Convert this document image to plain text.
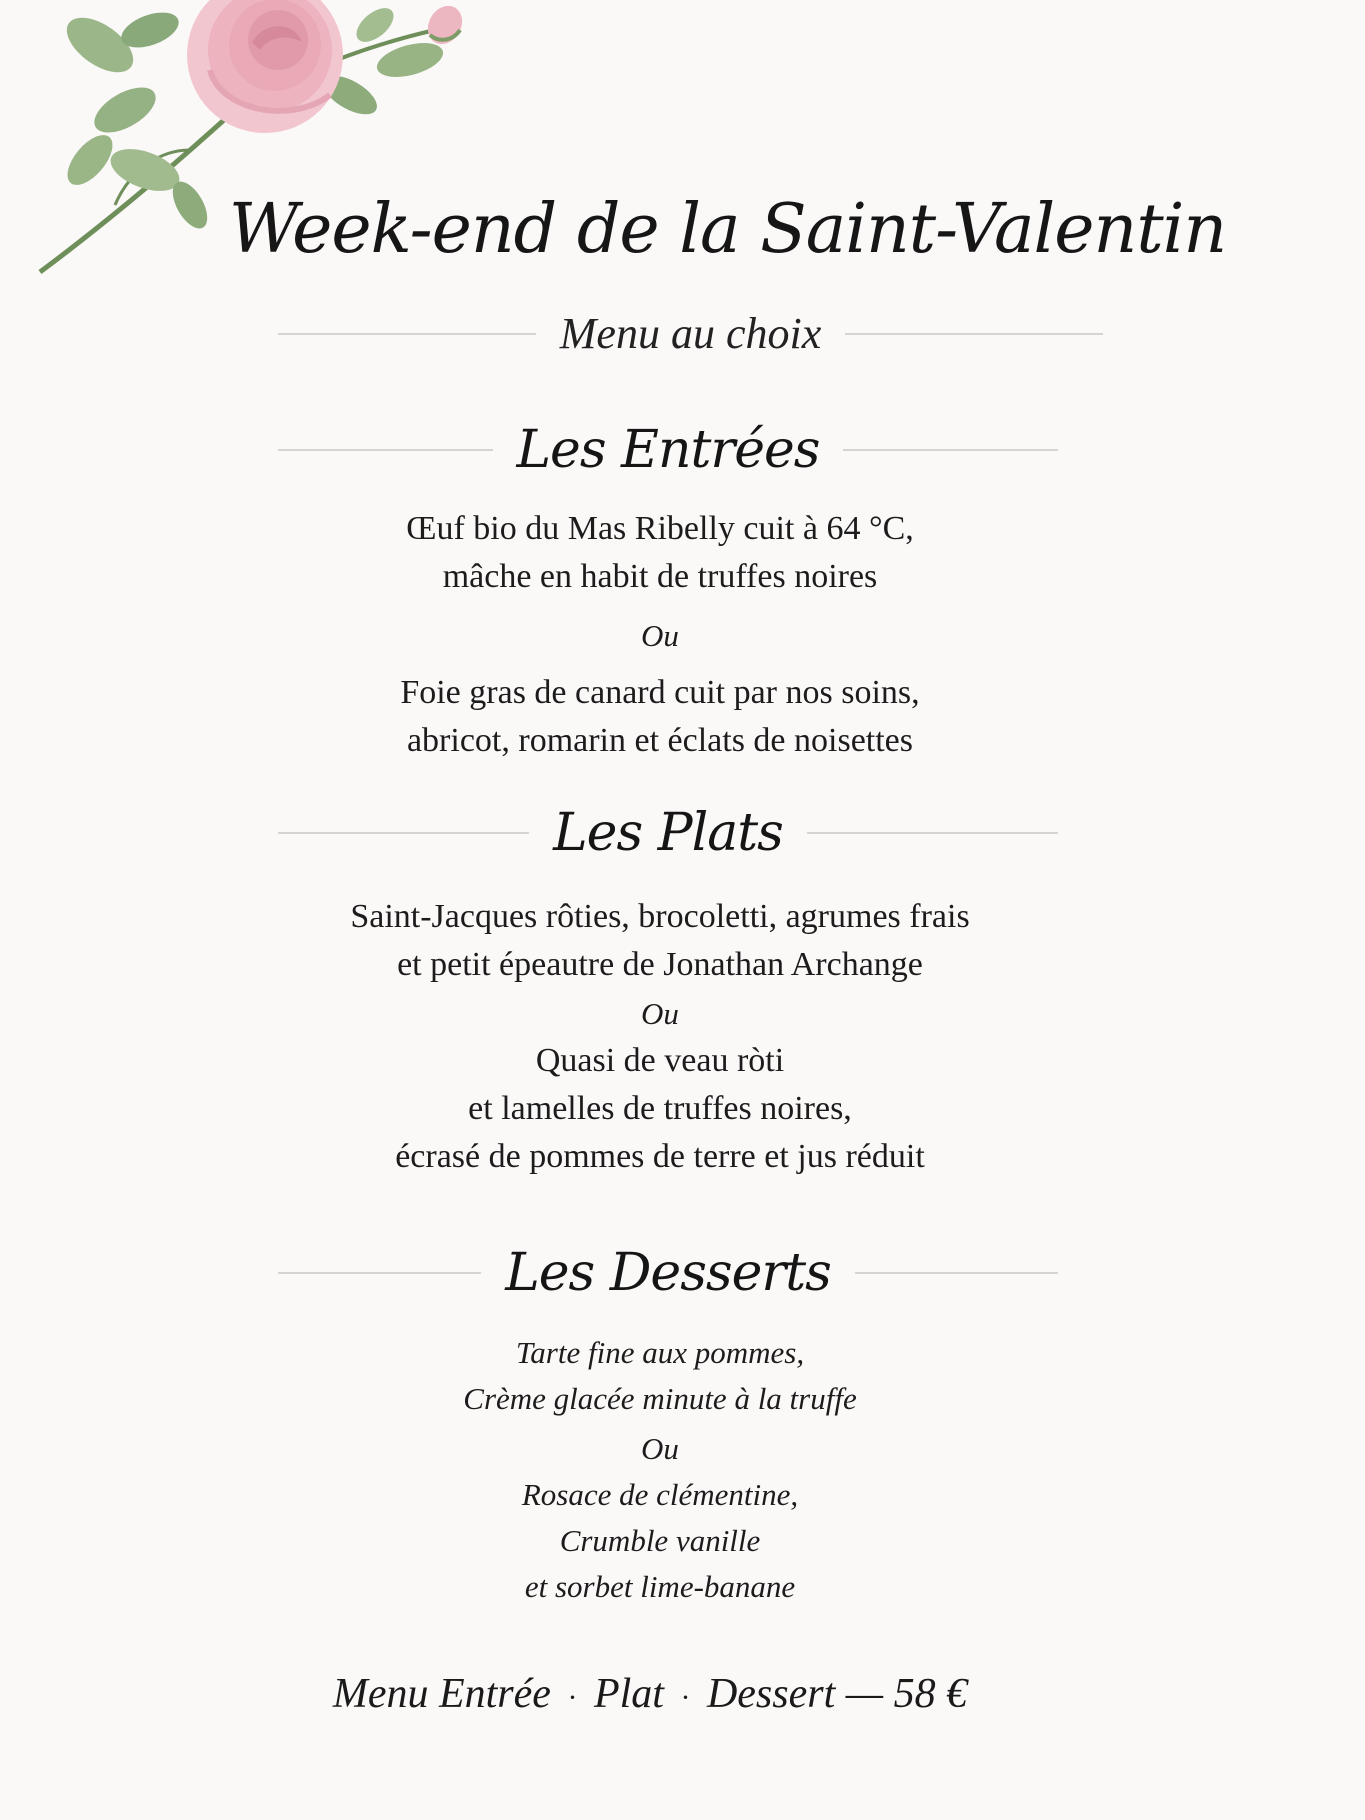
Week-end de la Saint-Valentin
Menu au choix
Les Entrées
Œuf bio du Mas Ribelly cuit à 64 °C,
mâche en habit de truffes noires
Ou
Foie gras de canard cuit par nos soins,
abricot, romarin et éclats de noisettes
Les Plats
Saint-Jacques rôties, brocoletti, agrumes frais
et petit épeautre de Jonathan Archange
Ou
Quasi de veau ròti
et lamelles de truffes noires,
écrasé de pommes de terre et jus réduit
Les Desserts
Tarte fine aux pommes,
Crème glacée minute à la truffe
Ou
Rosace de clémentine,
Crumble vanille
et sorbet lime-banane
Menu Entrée · Plat · Dessert — 58 €
